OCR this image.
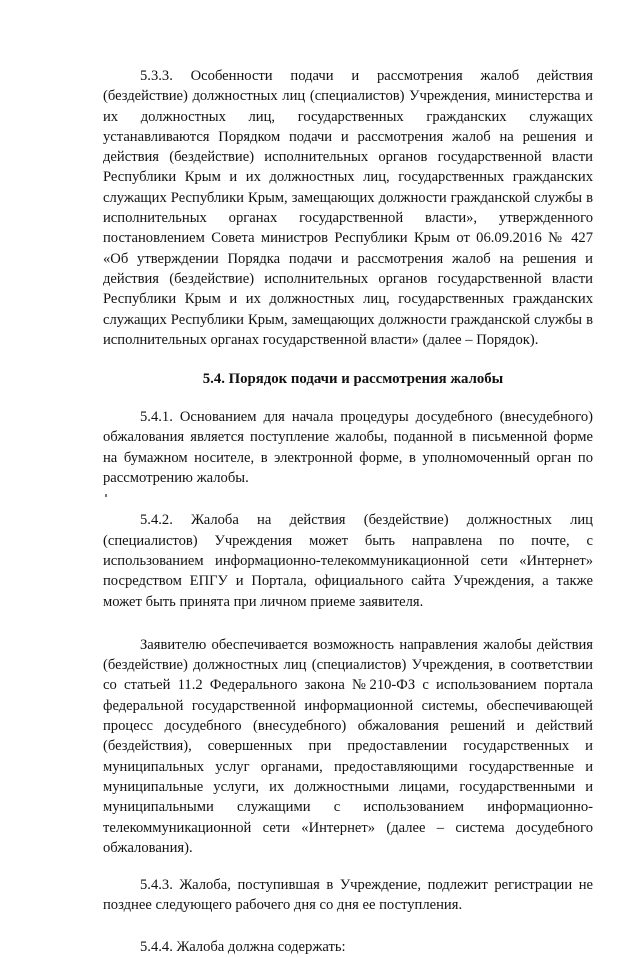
5.3.3. Особенности подачи и рассмотрения жалоб действия (бездействие) должностных лиц (специалистов) Учреждения, министерства и их должностных лиц, государственных гражданских служащих устанавливаются Порядком подачи и рассмотрения жалоб на решения и действия (бездействие) исполнительных органов государственной власти Республики Крым и их должностных лиц, государственных гражданских служащих Республики Крым, замещающих должности гражданской службы в исполнительных органах государственной власти», утвержденного постановлением Совета министров Республики Крым от 06.09.2016 № 427 «Об утверждении Порядка подачи и рассмотрения жалоб на решения и действия (бездействие) исполнительных органов государственной власти Республики Крым и их должностных лиц, государственных гражданских служащих Республики Крым, замещающих должности гражданской службы в исполнительных органах государственной власти» (далее – Порядок).

5.4. Порядок подачи и рассмотрения жалобы

5.4.1. Основанием для начала процедуры досудебного (внесудебного) обжалования является поступление жалобы, поданной в письменной форме на бумажном носителе, в электронной форме, в уполномоченный орган по рассмотрению жалобы.

5.4.2. Жалоба на действия (бездействие) должностных лиц (специалистов) Учреждения может быть направлена по почте, с использованием информационно-телекоммуникационной сети «Интернет» посредством ЕПГУ и Портала, официального сайта Учреждения, а также может быть принята при личном приеме заявителя.

Заявителю обеспечивается возможность направления жалобы действия (бездействие) должностных лиц (специалистов) Учреждения, в соответствии со статьей 11.2 Федерального закона №210-ФЗ с использованием портала федеральной государственной информационной системы, обеспечивающей процесс досудебного (внесудебного) обжалования решений и действий (бездействия), совершенных при предоставлении государственных и муниципальных услуг органами, предоставляющими государственные и муниципальные услуги, их должностными лицами, государственными и муниципальными служащими с использованием информационно-телекоммуникационной сети «Интернет» (далее – система досудебного обжалования).

5.4.3. Жалоба, поступившая в Учреждение, подлежит регистрации не позднее следующего рабочего дня со дня ее поступления.

5.4.4. Жалоба должна содержать:
